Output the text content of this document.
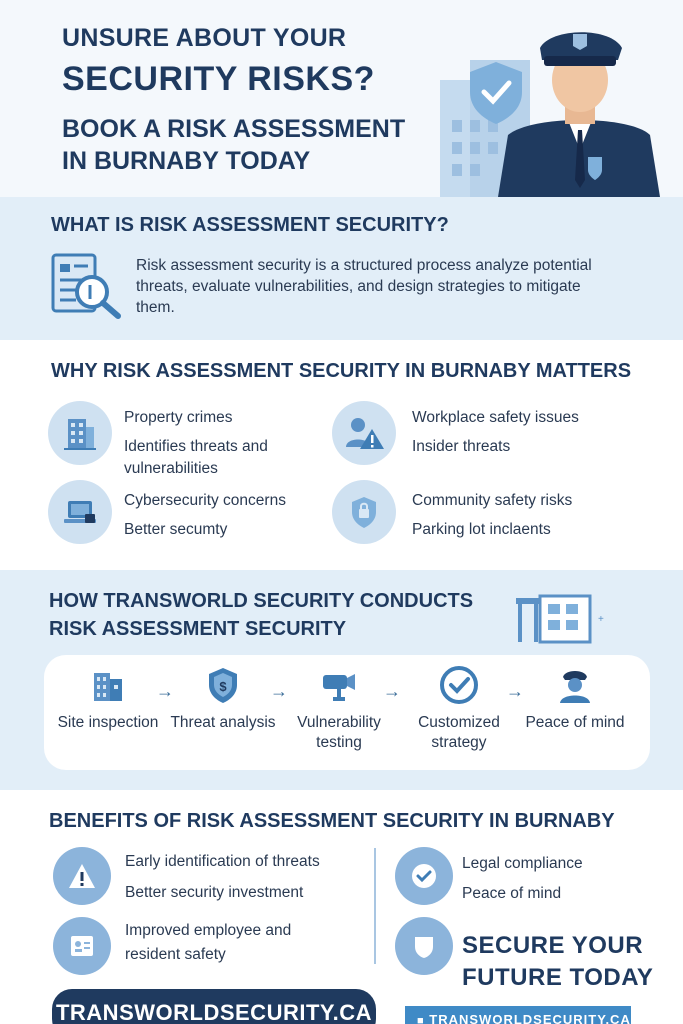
UNSURE ABOUT YOUR
SECURITY RISKS?
BOOK A RISK ASSESSMENT
IN BURNABY TODAY
WHAT IS RISK ASSESSMENT SECURITY?

Risk assessment security is a structured process analyze potential threats, evaluate vulnerabilities, and design strategies to mitigate them.

WHY RISK ASSESSMENT SECURITY IN BURNABY MATTERS
Property crimes
Identifies threats and vulnerabilities
Workplace safety issues
Insider threats
Cybersecurity concerns
Better secumty
Community safety risks
Parking lot inclaents
HOW TRANSWORLD SECURITY CONDUCTS
RISK ASSESSMENT SECURITY	+
Site inspection
→	$
Threat analysis
→
Vulnerability testing
→
Customized strategy
→
Peace of mind
BENEFITS OF RISK ASSESSMENT SECURITY IN BURNABY
Early identification of threats
Better security investment
Improved employee and resident safety
Legal compliance
Peace of mind
SECURE YOUR
FUTURE TODAY
TRANSWORLDSECURITY.CA	■ TRANSWORLDSECURITY.CA
